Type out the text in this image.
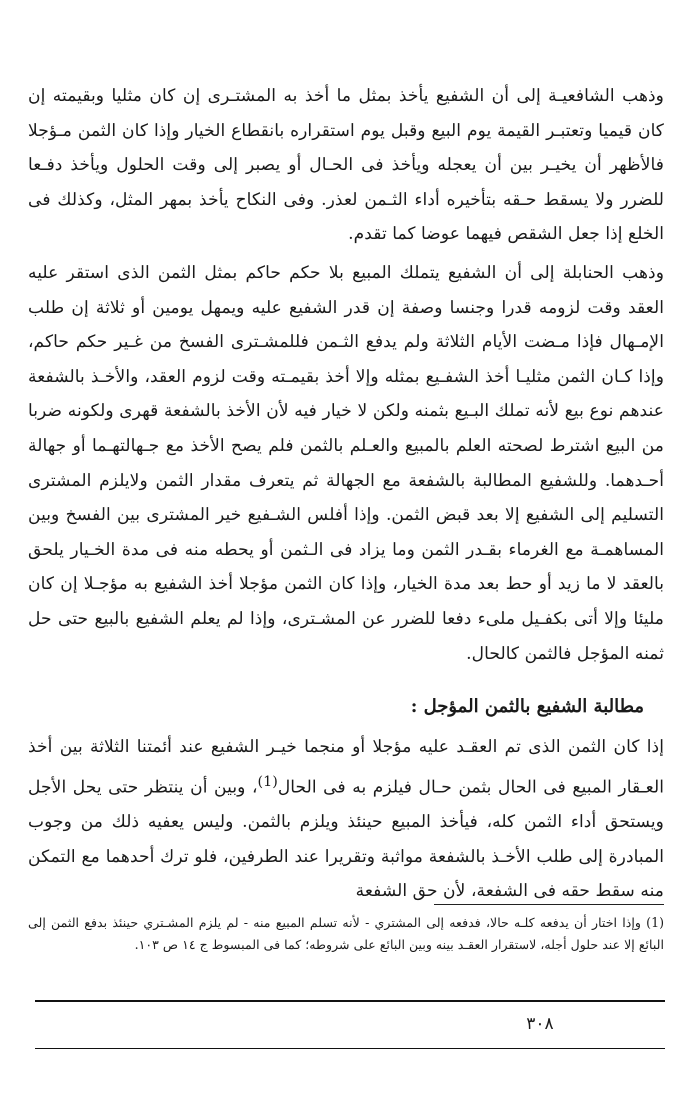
وذهب الشافعيـة إلى أن الشفيع يأخذ بمثل ما أخذ به المشتـرى إن كان مثليا وبقيمته إن كان قيميا وتعتبـر القيمة يوم البيع وقبل يوم استقراره بانقطاع الخيار وإذا كان الثمن مـؤجلا فالأظهر أن يخيـر بين أن يعجله ويأخذ فى الحـال أو يصبر إلى وقت الحلول ويأخذ دفـعا للضرر ولا يسقط حـقه بتأخيره أداء الثـمن لعذر. وفى النكاح يأخذ بمهر المثل، وكذلك فى الخلع إذا جعل الشقص فيهما عوضا كما تقدم.

وذهب الحنابلة إلى أن الشفيع يتملك المبيع بلا حكم حاكم بمثل الثمن الذى استقر عليه العقد وقت لزومه قدرا وجنسا وصفة إن قدر الشفيع عليه ويمهل يومين أو ثلاثة إن طلب الإمـهال فإذا مـضت الأيام الثلاثة ولم يدفع الثـمن فللمشـترى الفسخ من غـير حكم حاكم، وإذا كـان الثمن مثليـا أخذ الشفـيع بمثله وإلا أخذ بقيمـته وقت لزوم العقد، والأخـذ بالشفعة عندهم نوع بيع لأنه تملك البـيع بثمنه ولكن لا خيار فيه لأن الأخذ بالشفعة قهرى ولكونه ضربا من البيع اشترط لصحته العلم بالمبيع والعـلم بالثمن فلم يصح الأخذ مع جـهالتهـما أو جهالة أحـدهما. وللشفيع المطالبة بالشفعة مع الجهالة ثم يتعرف مقدار الثمن ولايلزم المشترى التسليم إلى الشفيع إلا بعد قبض الثمن. وإذا أفلس الشـفيع خير المشترى بين الفسخ وبين المساهمـة مع الغرماء بقـدر الثمن وما يزاد فى الـثمن أو يحطه منه فى مدة الخـيار يلحق بالعقد لا ما زيد أو حط بعد مدة الخيار، وإذا كان الثمن مؤجلا أخذ الشفيع به مؤجـلا إن كان مليئا وإلا أتى بكفـيل ملىء دفعا للضرر عن المشـترى، وإذا لم يعلم الشفيع بالبيع حتى حل ثمنه المؤجل فالثمن كالحال.

مطالبة الشفيع بالثمن المؤجل :

إذا كان الثمن الذى تم العقـد عليه مؤجلا أو منجما خيـر الشفيع عند أئمتنا الثلاثة بين أخذ العـقار المبيع فى الحال بثمن حـال فيلزم به فى الحال$^{(1)}$، وبين أن ينتظر حتى يحل الأجل ويستحق أداء الثمن كله، فيأخذ المبيع حينئذ ويلزم بالثمن. وليس يعفيه ذلك من وجوب المبادرة إلى طلب الأخـذ بالشفعة مواثبة وتقريرا عند الطرفين، فلو ترك أحدهما مع التمكن منه سقط حقه فى الشفعة، لأن حق الشفعة

(1) وإذا اختار أن يدفعه كلـه حالا، فدفعه إلى المشتري - لأنه تسلم المبيع منه - لم يلزم المشـتري حينئذ بدفع الثمن إلى البائع إلا عند حلول أجله، لاستقرار العقـد بينه وبين البائع على شروطه؛ كما فى المبسوط ج ١٤ ص ١٠٣.

٣٠٨
